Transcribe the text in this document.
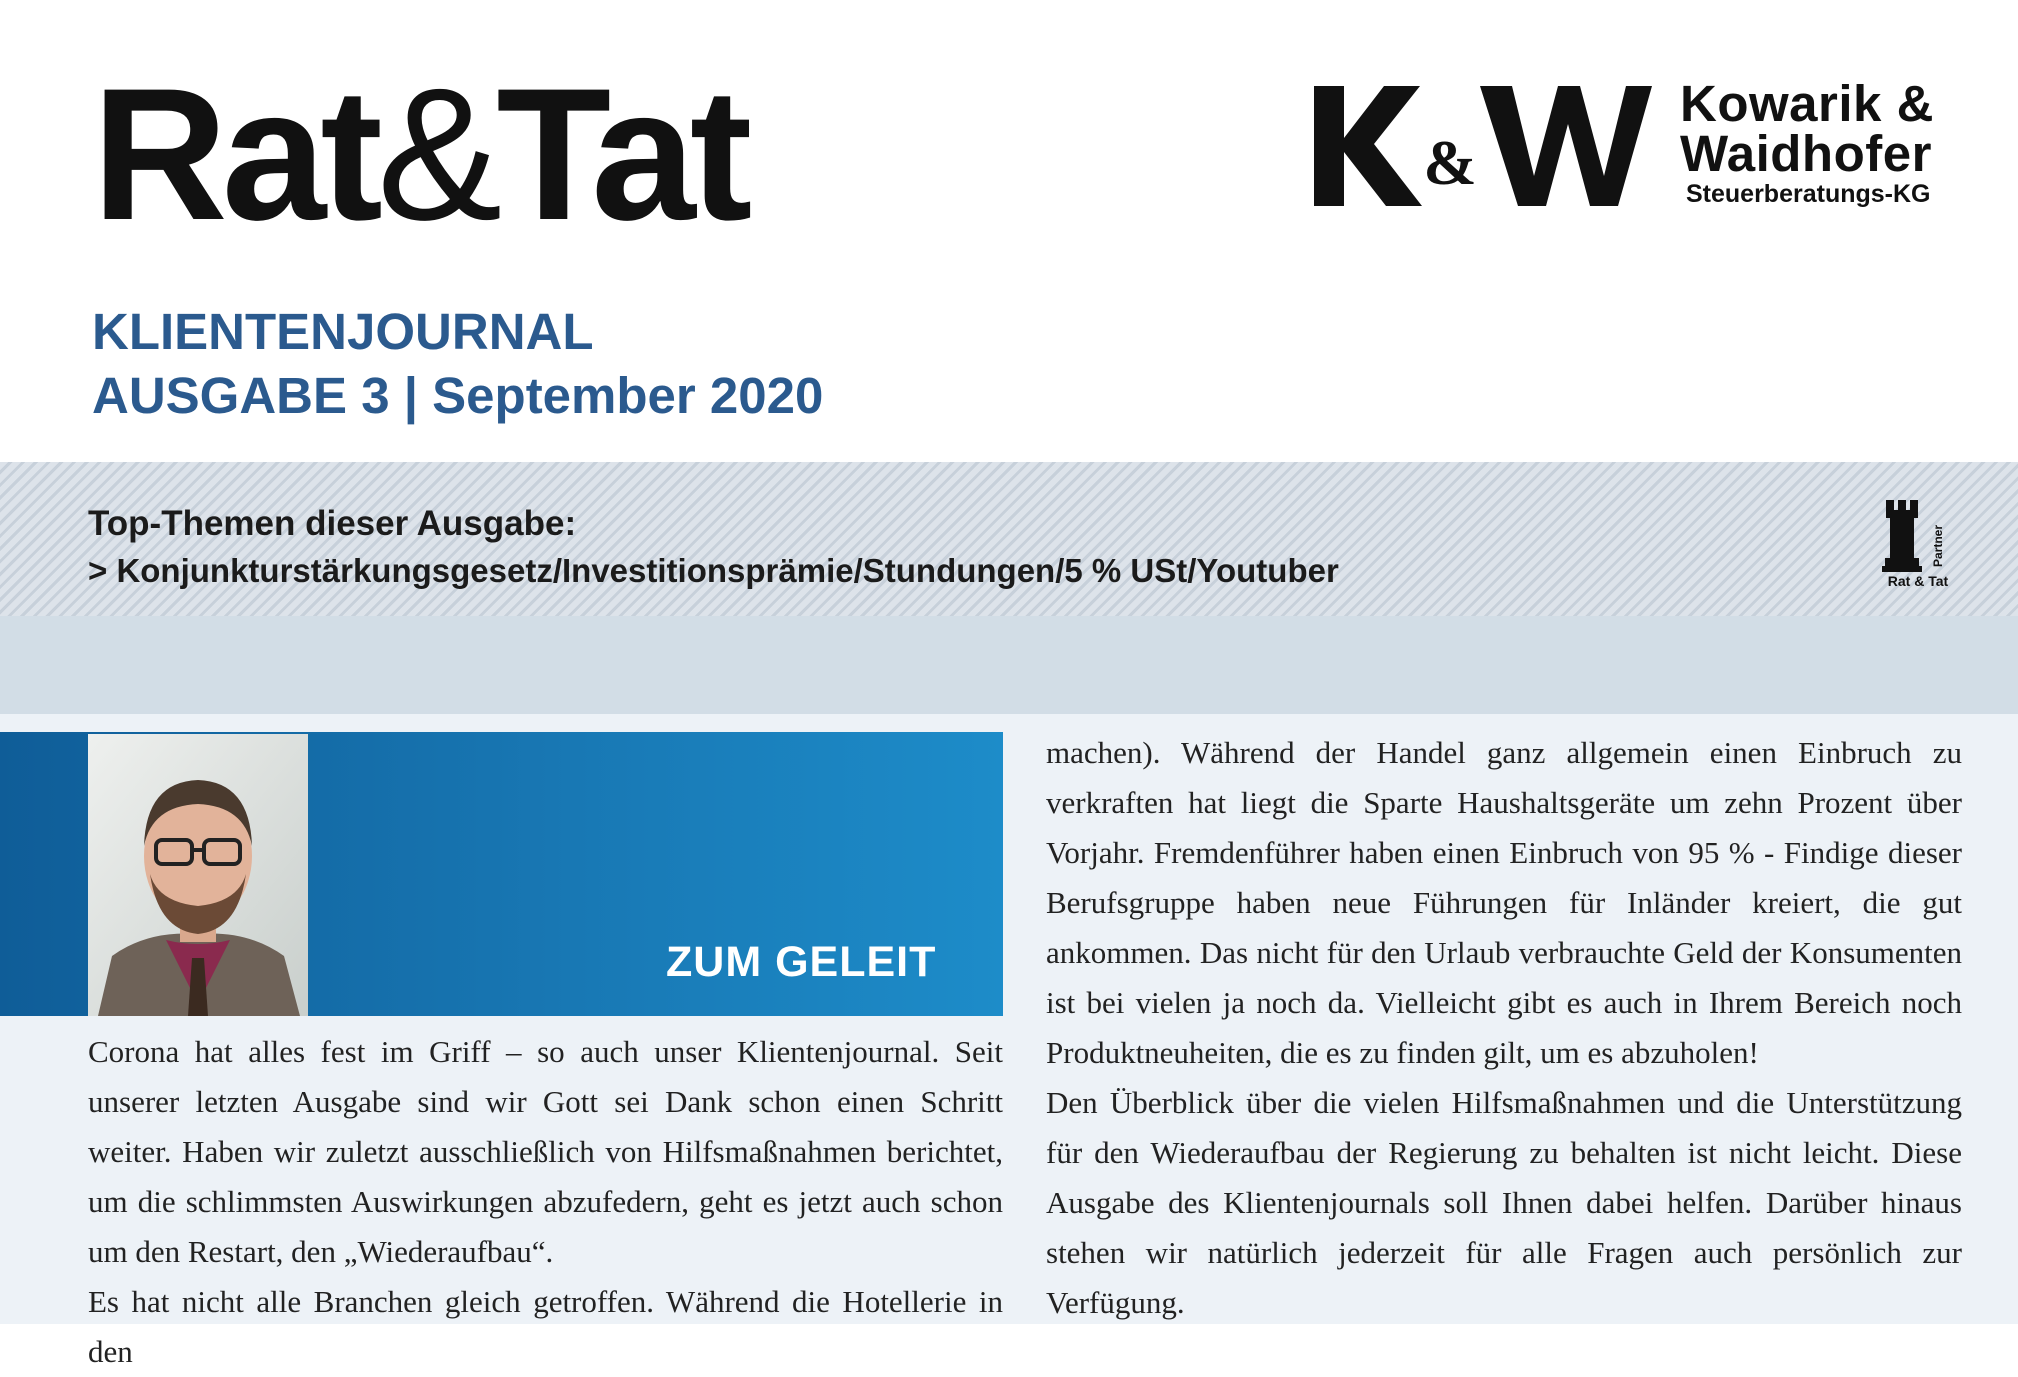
Rat&Tat	&
Kowarik &
Waidhofer
Steuerberatungs-KG
KLIENTENJOURNAL
AUSGABE 3 | September 2020
Top-Themen dieser Ausgabe:
> Konjunkturstärkungsgesetz/Investitionsprämie/Stundungen/5 % USt/Youtuber
Partner
Rat & Tat
ZUM GELEIT

Corona hat alles fest im Griff – so auch unser Klientenjournal. Seit unserer letzten Ausgabe sind wir Gott sei Dank schon einen Schritt weiter. Haben wir zuletzt ausschließlich von Hilfsmaßnahmen berichtet, um die schlimmsten Auswirkungen abzufedern, geht es jetzt auch schon um den Restart, den „Wiederaufbau“.

Es hat nicht alle Branchen gleich getroffen. Während die Hotellerie in den

machen). Während der Handel ganz allgemein einen Einbruch zu verkraften hat liegt die Sparte Haushaltsgeräte um zehn Prozent über Vorjahr. Fremdenführer haben einen Einbruch von 95 % - Findige dieser Berufsgruppe haben neue Führungen für Inländer kreiert, die gut ankommen. Das nicht für den Urlaub verbrauchte Geld der Konsumenten ist bei vielen ja noch da. Vielleicht gibt es auch in Ihrem Bereich noch Produktneuheiten, die es zu finden gilt, um es abzuholen!

Den Überblick über die vielen Hilfsmaßnahmen und die Unterstützung für den Wiederaufbau der Regierung zu behalten ist nicht leicht. Diese Ausgabe des Klientenjournals soll Ihnen dabei helfen. Darüber hinaus stehen wir natürlich jederzeit für alle Fragen auch persönlich zur Verfügung.
